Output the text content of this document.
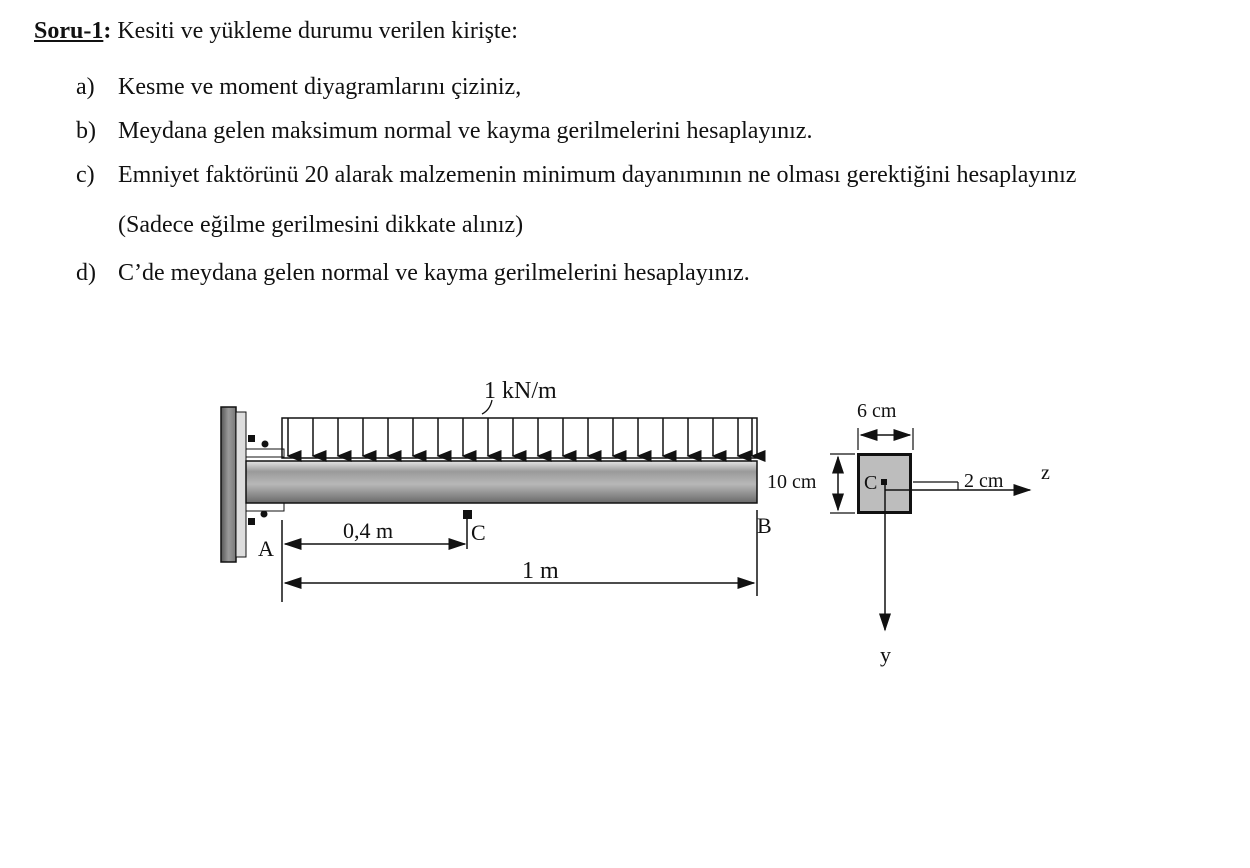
Soru-1: Kesiti ve yükleme durumu verilen kirişte:
a) Kesme ve moment diyagramlarını çiziniz,
b) Meydana gelen maksimum normal ve kayma gerilmelerini hesaplayınız.
c) Emniyet faktörünü 20 alarak malzemenin minimum dayanımının ne olması gerektiğini hesaplayınız
(Sadece eğilme gerilmesini dikkate alınız)
d) C’de meydana gelen normal ve kayma gerilmelerini hesaplayınız.
1 kN/m
A
B
C
0,4 m
1 m
6 cm
10 cm C	2 cm z
y
